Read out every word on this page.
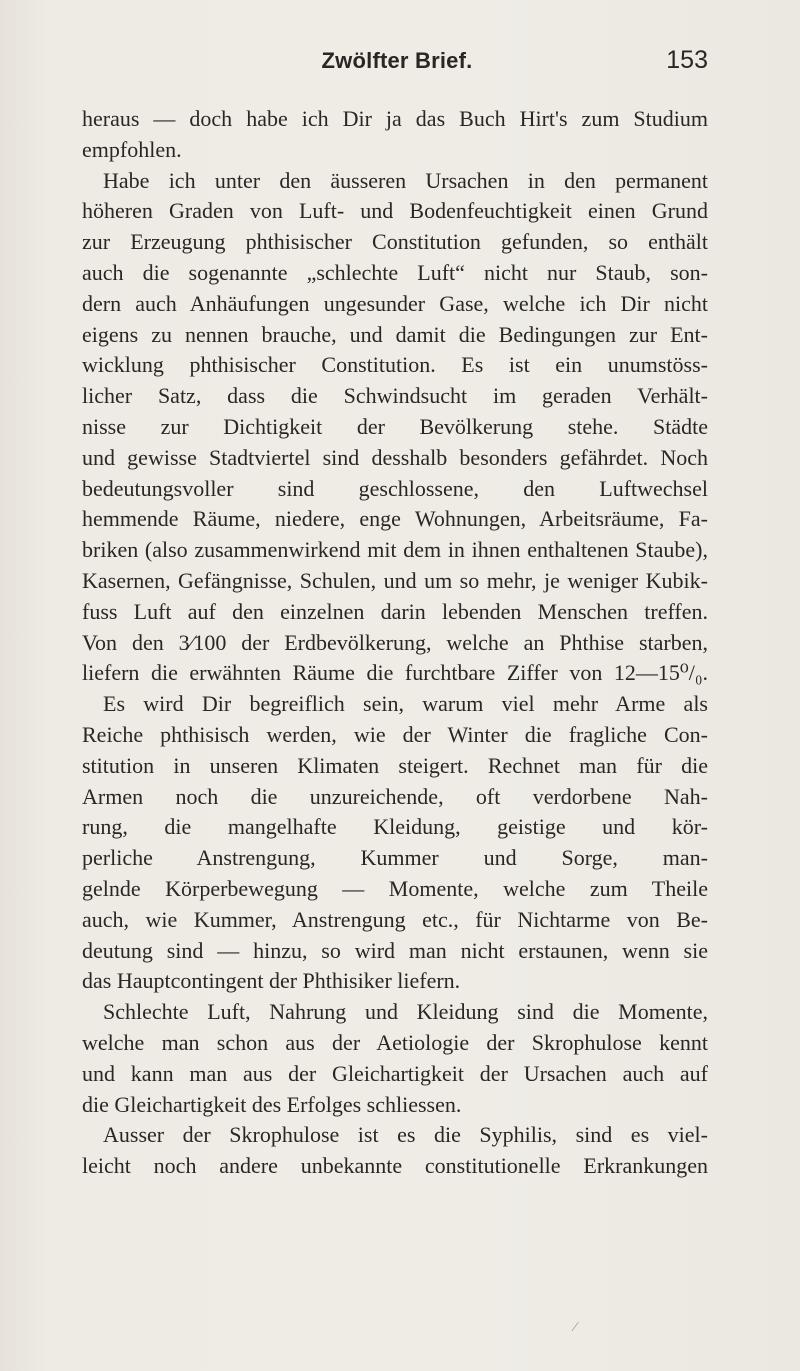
Zwölfter Brief.	153
heraus — doch habe ich Dir ja das Buch Hirt's zum Studium
empfohlen.
Habe ich unter den äusseren Ursachen in den permanent
höheren Graden von Luft- und Bodenfeuchtigkeit einen Grund
zur Erzeugung phthisischer Constitution gefunden, so enthält
auch die sogenannte „schlechte Luft“ nicht nur Staub, son-
dern auch Anhäufungen ungesunder Gase, welche ich Dir nicht
eigens zu nennen brauche, und damit die Bedingungen zur Ent-
wicklung phthisischer Constitution. Es ist ein unumstöss-
licher Satz, dass die Schwindsucht im geraden Verhält-
nisse zur Dichtigkeit der Bevölkerung stehe. Städte
und gewisse Stadtviertel sind desshalb besonders gefährdet. Noch
bedeutungsvoller sind geschlossene, den Luftwechsel
hemmende Räume, niedere, enge Wohnungen, Arbeitsräume, Fa-
briken (also zusammenwirkend mit dem in ihnen enthaltenen Staube),
Kasernen, Gefängnisse, Schulen, und um so mehr, je weniger Kubik-
fuss Luft auf den einzelnen darin lebenden Menschen treffen.
Von den 3⁄100 der Erdbevölkerung, welche an Phthise starben,
liefern die erwähnten Räume die furchtbare Ziffer von 12—15⁰/₀.
Es wird Dir begreiflich sein, warum viel mehr Arme als
Reiche phthisisch werden, wie der Winter die fragliche Con-
stitution in unseren Klimaten steigert. Rechnet man für die
Armen noch die unzureichende, oft verdorbene Nah-
rung, die mangelhafte Kleidung, geistige und kör-
perliche Anstrengung, Kummer und Sorge, man-
gelnde Körperbewegung — Momente, welche zum Theile
auch, wie Kummer, Anstrengung etc., für Nichtarme von Be-
deutung sind — hinzu, so wird man nicht erstaunen, wenn sie
das Hauptcontingent der Phthisiker liefern.
Schlechte Luft, Nahrung und Kleidung sind die Momente,
welche man schon aus der Aetiologie der Skrophulose kennt
und kann man aus der Gleichartigkeit der Ursachen auch auf
die Gleichartigkeit des Erfolges schliessen.
Ausser der Skrophulose ist es die Syphilis, sind es viel-
leicht noch andere unbekannte constitutionelle Erkrankungen
⁄
